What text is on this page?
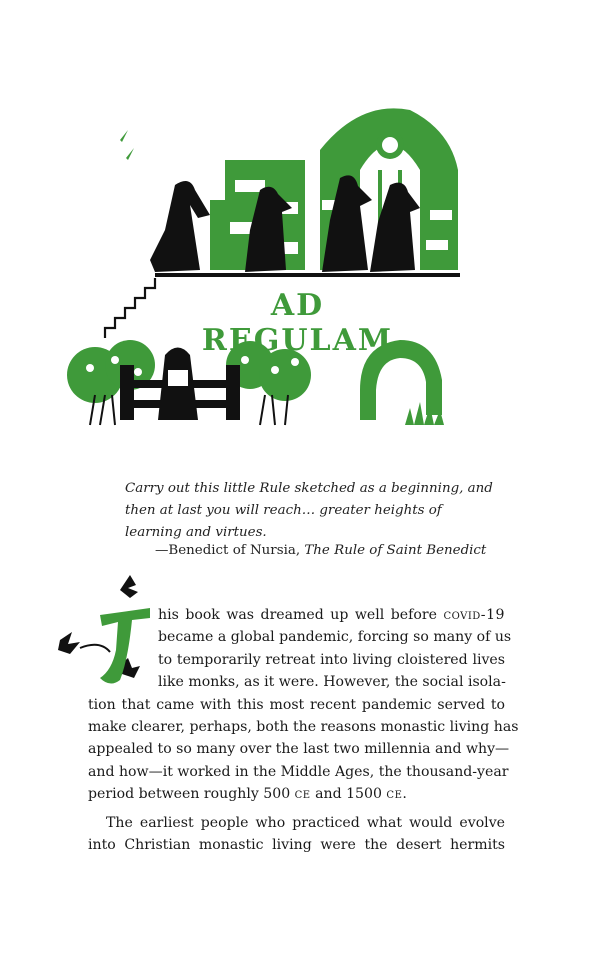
AD REGULAM
Carry out this little Rule sketched as a beginning, and then at last you will reach… greater heights of learning and virtues.
—Benedict of Nursia, The Rule of Saint Benedict
T
his book was dreamed up well before covid-19
became a global pandemic, forcing so many of us
to temporarily retreat into living cloistered lives
like monks, as it were. However, the social isola-
tion that came with this most recent pandemic served to
make clearer, perhaps, both the reasons monastic living has
appealed to so many over the last two millennia and why—
and how—it worked in the Middle Ages, the thousand-year
period between roughly 500 ce and 1500 ce.
The earliest people who practiced what would evolve
into Christian monastic living were the desert hermits
